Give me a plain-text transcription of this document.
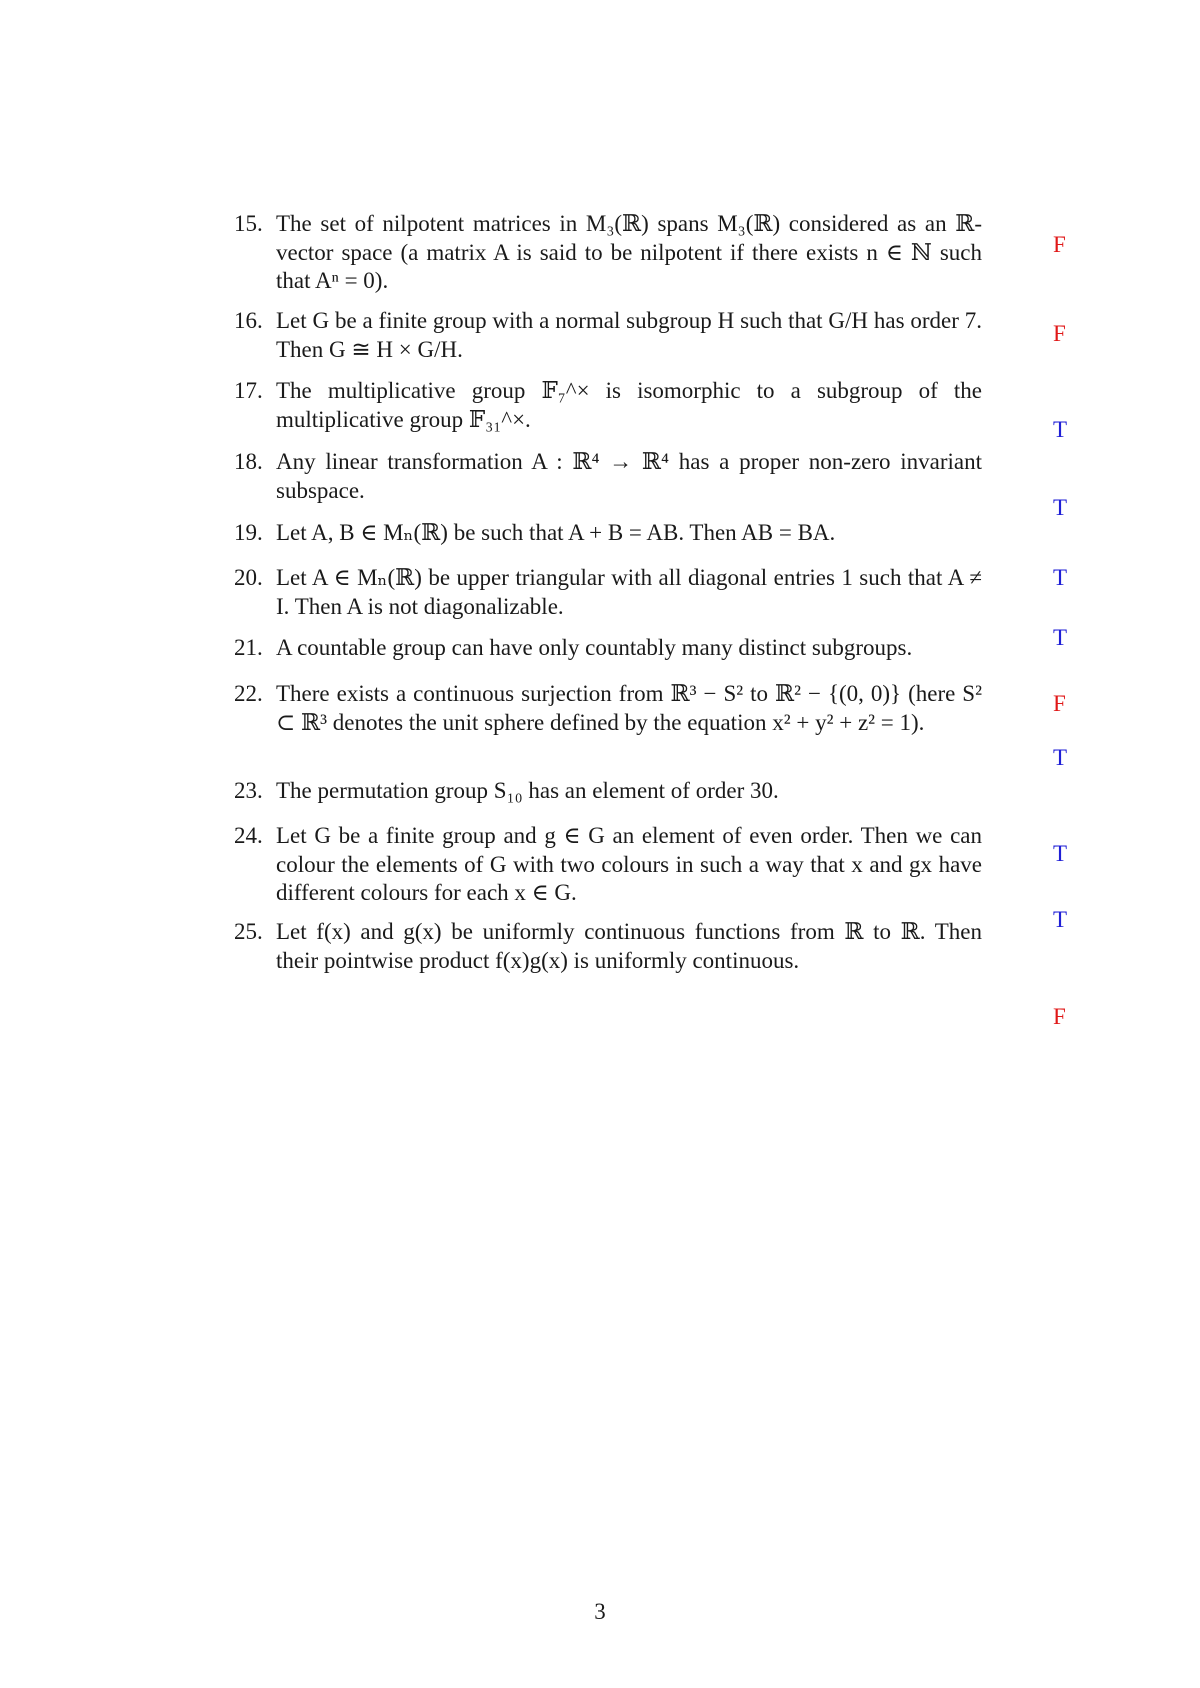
15. The set of nilpotent matrices in M₃(ℝ) spans M₃(ℝ) considered as an ℝ-vector space (a matrix A is said to be nilpotent if there exists n ∈ ℕ such that Aⁿ = 0).
F
16. Let G be a finite group with a normal subgroup H such that G/H has order 7. Then G ≅ H × G/H.
F
17. The multiplicative group 𝔽₇^× is isomorphic to a subgroup of the multiplicative group 𝔽₃₁^×.	T
18. Any linear transformation A : ℝ⁴ → ℝ⁴ has a proper non-zero invariant subspace.
T
19. Let A, B ∈ Mₙ(ℝ) be such that A + B = AB. Then AB = BA.
T
20. Let A ∈ Mₙ(ℝ) be upper triangular with all diagonal entries 1 such that A ≠ I. Then A is not diagonalizable.
T
21. A countable group can have only countably many distinct subgroups.
F
22. There exists a continuous surjection from ℝ³ − S² to ℝ² − {(0, 0)} (here S² ⊂ ℝ³ denotes the unit sphere defined by the equation x² + y² + z² = 1).
T
23. The permutation group S₁₀ has an element of order 30.
T
24. Let G be a finite group and g ∈ G an element of even order. Then we can colour the elements of G with two colours in such a way that x and gx have different colours for each x ∈ G.
T
25. Let f(x) and g(x) be uniformly continuous functions from ℝ to ℝ. Then their pointwise product f(x)g(x) is uniformly continuous.
F
3
